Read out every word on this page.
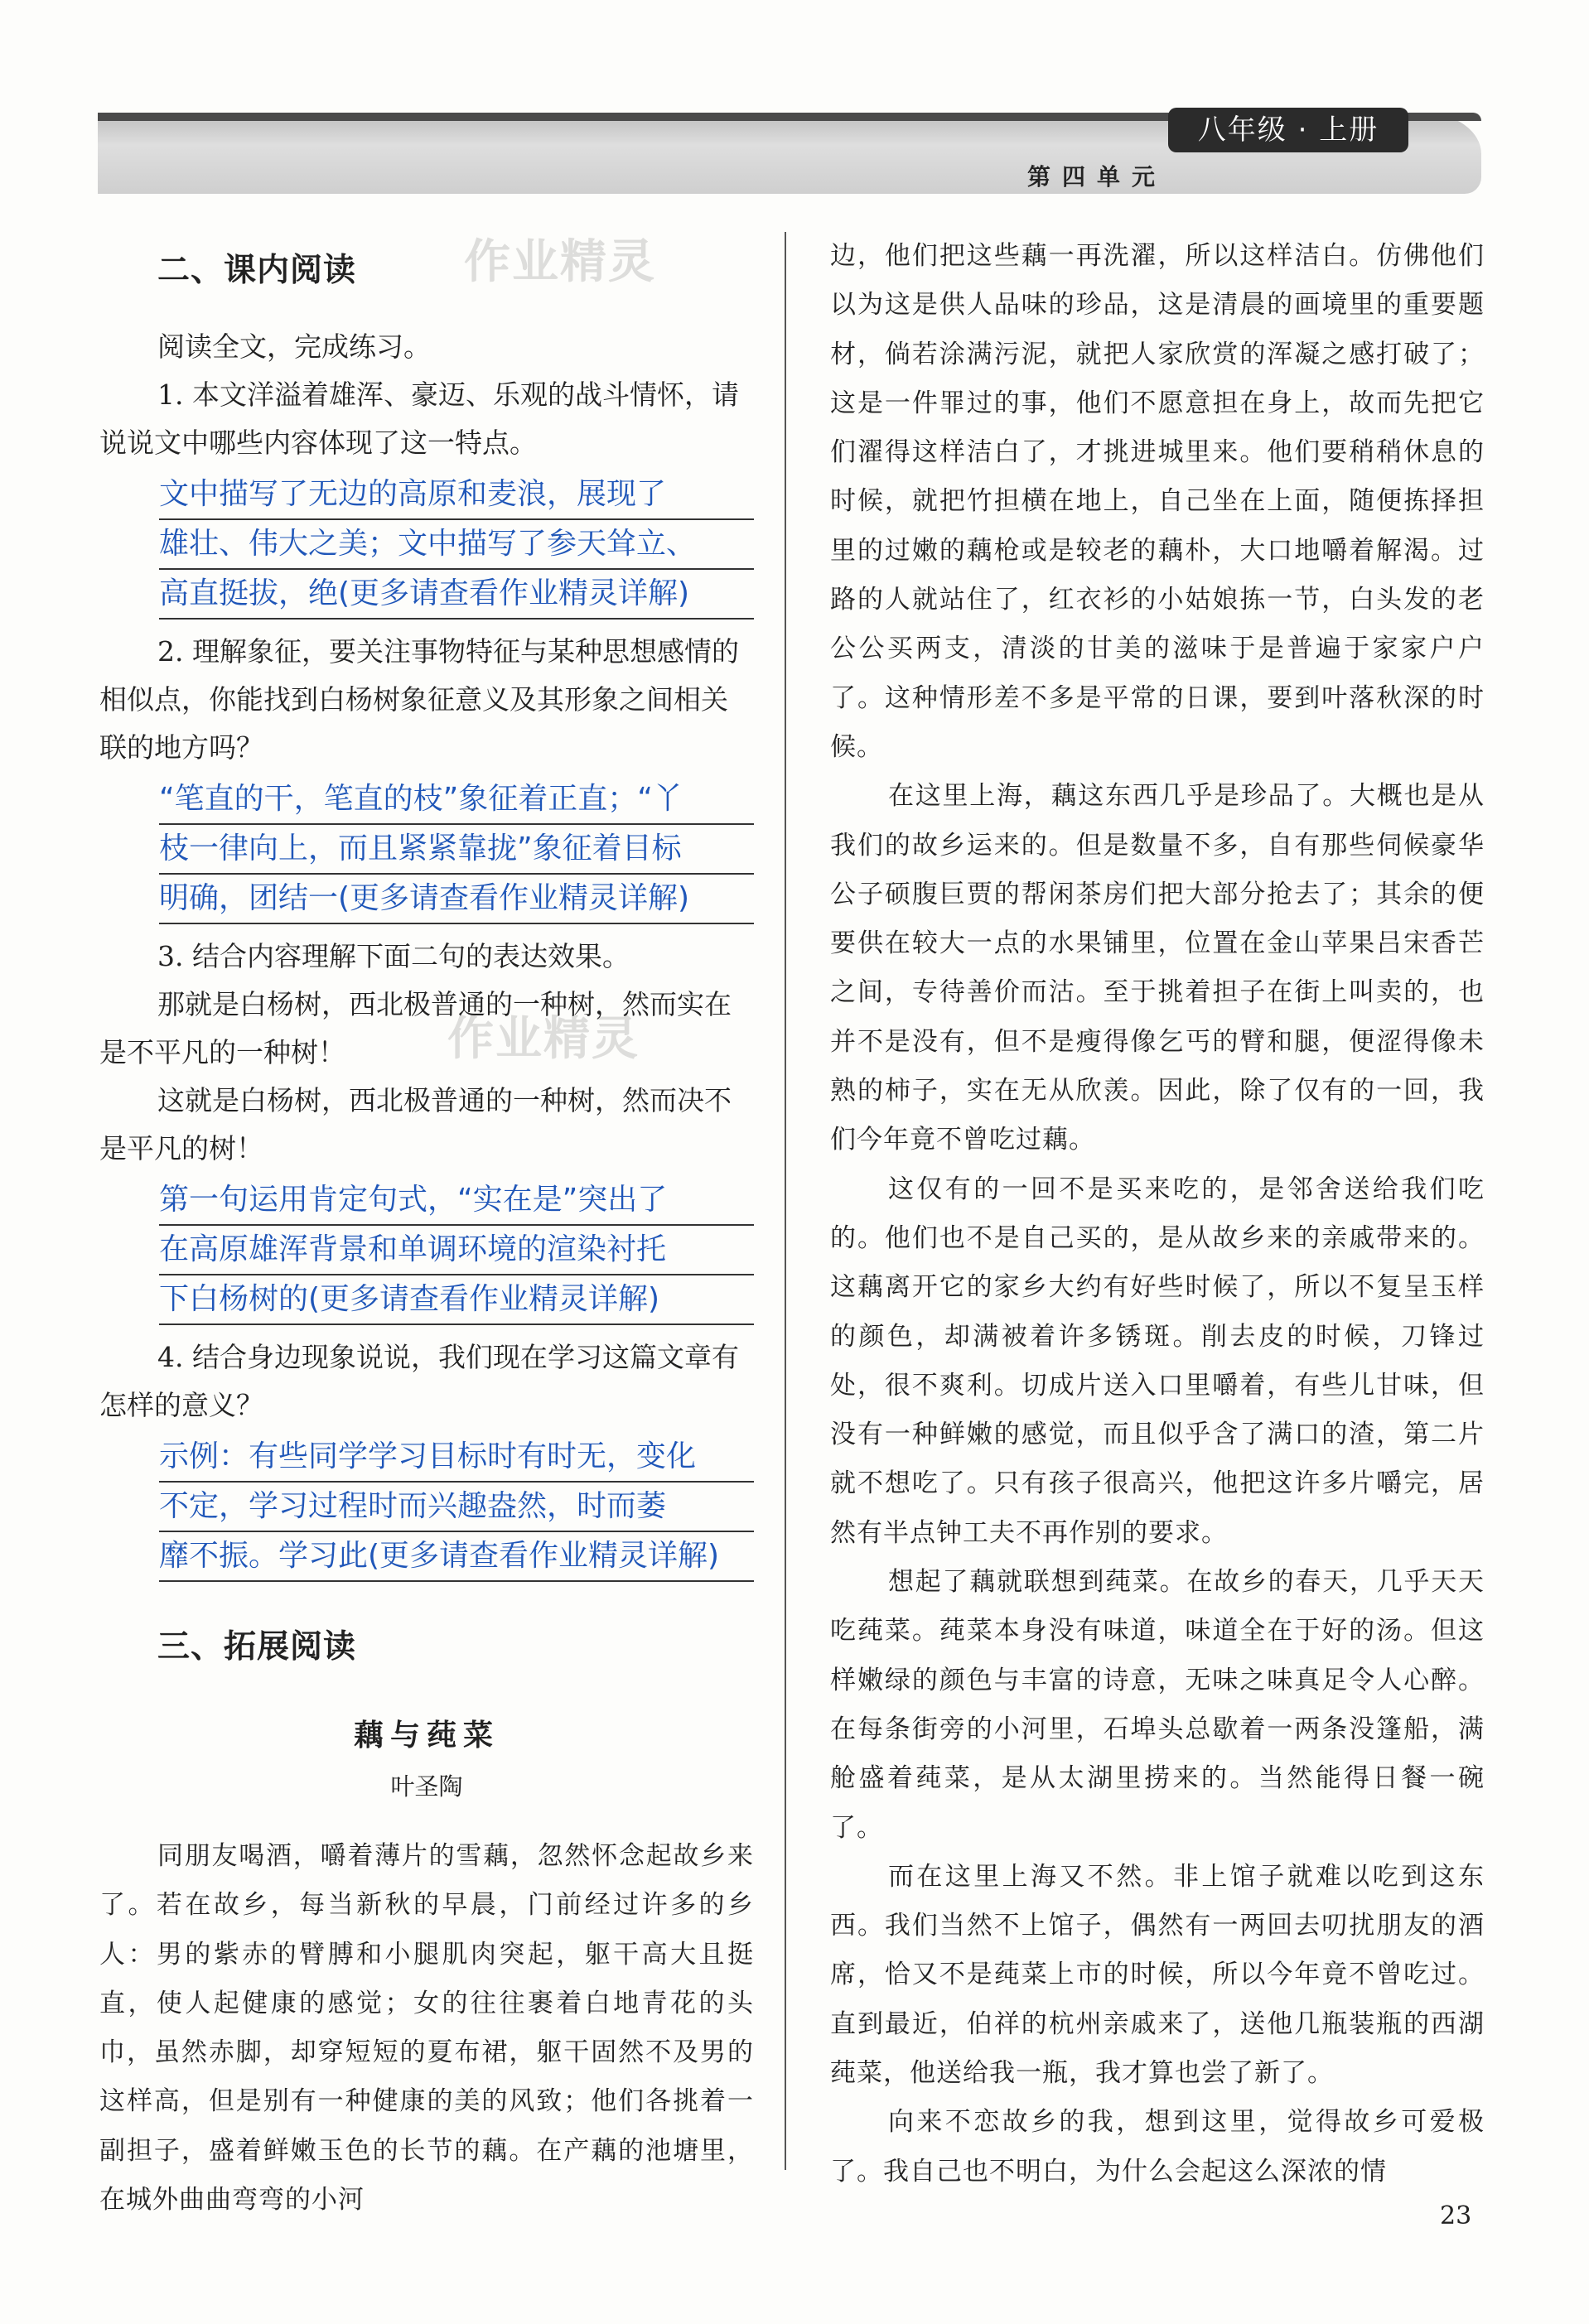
八年级 · 上册
第四单元
作业精灵
作业精灵
二、课内阅读

阅读全文，完成练习。

1. 本文洋溢着雄浑、豪迈、乐观的战斗情怀，请说说文中哪些内容体现了这一特点。

文中描写了无边的高原和麦浪，展现了
雄壮、伟大之美；文中描写了参天耸立、
高直挺拔，绝(更多请查看作业精灵详解)

2. 理解象征，要关注事物特征与某种思想感情的相似点，你能找到白杨树象征意义及其形象之间相关联的地方吗？

“笔直的干，笔直的枝”象征着正直；“丫
枝一律向上，而且紧紧靠拢”象征着目标
明确，团结一(更多请查看作业精灵详解)

3. 结合内容理解下面二句的表达效果。

那就是白杨树，西北极普通的一种树，然而实在是不平凡的一种树！

这就是白杨树，西北极普通的一种树，然而决不是平凡的树！

第一句运用肯定句式，“实在是”突出了
在高原雄浑背景和单调环境的渲染衬托
下白杨树的(更多请查看作业精灵详解)

4. 结合身边现象说说，我们现在学习这篇文章有怎样的意义？

示例：有些同学学习目标时有时无，变化
不定，学习过程时而兴趣盎然，时而萎
靡不振。学习此(更多请查看作业精灵详解)
三、拓展阅读
藕与莼菜
叶圣陶

同朋友喝酒，嚼着薄片的雪藕，忽然怀念起故乡来了。若在故乡，每当新秋的早晨，门前经过许多的乡人：男的紫赤的臂膊和小腿肌肉突起，躯干高大且挺直，使人起健康的感觉；女的往往裹着白地青花的头巾，虽然赤脚，却穿短短的夏布裙，躯干固然不及男的这样高，但是别有一种健康的美的风致；他们各挑着一副担子，盛着鲜嫩玉色的长节的藕。在产藕的池塘里，在城外曲曲弯弯的小河

边，他们把这些藕一再洗濯，所以这样洁白。仿佛他们以为这是供人品味的珍品，这是清晨的画境里的重要题材，倘若涂满污泥，就把人家欣赏的浑凝之感打破了；这是一件罪过的事，他们不愿意担在身上，故而先把它们濯得这样洁白了，才挑进城里来。他们要稍稍休息的时候，就把竹担横在地上，自己坐在上面，随便拣择担里的过嫩的藕枪或是较老的藕朴，大口地嚼着解渴。过路的人就站住了，红衣衫的小姑娘拣一节，白头发的老公公买两支，清淡的甘美的滋味于是普遍于家家户户了。这种情形差不多是平常的日课，要到叶落秋深的时候。

在这里上海，藕这东西几乎是珍品了。大概也是从我们的故乡运来的。但是数量不多，自有那些伺候豪华公子硕腹巨贾的帮闲茶房们把大部分抢去了；其余的便要供在较大一点的水果铺里，位置在金山苹果吕宋香芒之间，专待善价而沽。至于挑着担子在街上叫卖的，也并不是没有，但不是瘦得像乞丐的臂和腿，便涩得像未熟的柿子，实在无从欣羡。因此，除了仅有的一回，我们今年竟不曾吃过藕。

这仅有的一回不是买来吃的，是邻舍送给我们吃的。他们也不是自己买的，是从故乡来的亲戚带来的。这藕离开它的家乡大约有好些时候了，所以不复呈玉样的颜色，却满被着许多锈斑。削去皮的时候，刀锋过处，很不爽利。切成片送入口里嚼着，有些儿甘味，但没有一种鲜嫩的感觉，而且似乎含了满口的渣，第二片就不想吃了。只有孩子很高兴，他把这许多片嚼完，居然有半点钟工夫不再作别的要求。

想起了藕就联想到莼菜。在故乡的春天，几乎天天吃莼菜。莼菜本身没有味道，味道全在于好的汤。但这样嫩绿的颜色与丰富的诗意，无味之味真足令人心醉。在每条街旁的小河里，石埠头总歇着一两条没篷船，满舱盛着莼菜，是从太湖里捞来的。当然能得日餐一碗了。

而在这里上海又不然。非上馆子就难以吃到这东西。我们当然不上馆子，偶然有一两回去叨扰朋友的酒席，恰又不是莼菜上市的时候，所以今年竟不曾吃过。直到最近，伯祥的杭州亲戚来了，送他几瓶装瓶的西湖莼菜，他送给我一瓶，我才算也尝了新了。

向来不恋故乡的我，想到这里，觉得故乡可爱极了。我自己也不明白，为什么会起这么深浓的情

23
